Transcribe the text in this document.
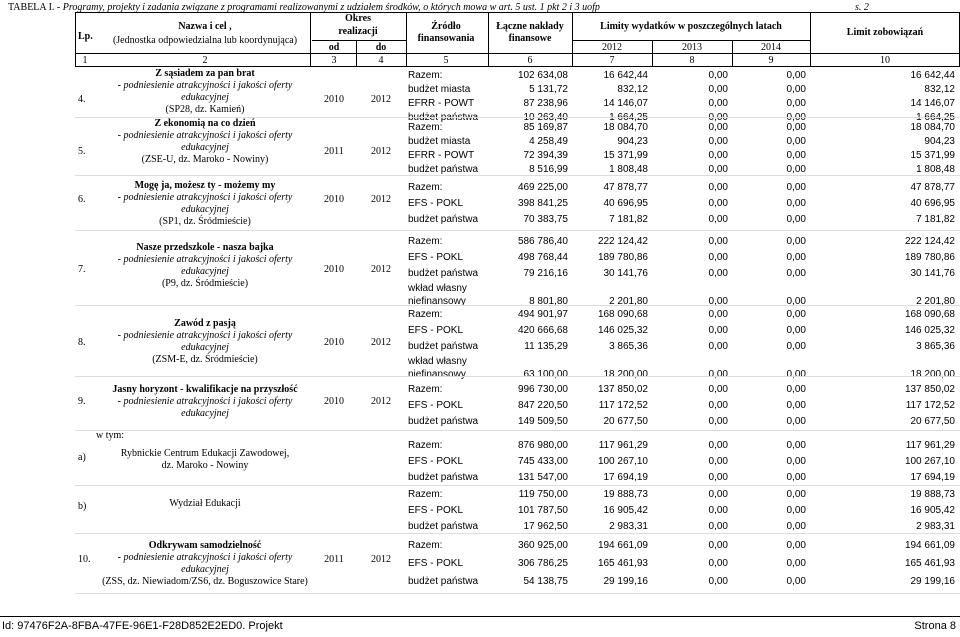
TABELA I. - Programy, projekty i zadania związane z programami realizowanymi z udziałem środków, o których mowa w art. 5 ust. 1 pkt 2 i 3 uofp	s. 2
Lp.
Nazwa i cel ,
(Jednostka odpowiedzialna lub koordynująca)
Okres
realizacji
od	do
Źródło
finansowania
Łączne nakłady
finansowe
Limity wydatków w poszczególnych latach
2012	2013	2014
Limit zobowiązań
1	2	3	4	5	6	7	8	9	10
4.
Z sąsiadem za pan brat
- podniesienie atrakcyjności i jakości oferty
edukacyjnej
(SP28, dz. Kamień)
2010	2012
Razem:	102 634,08	16 642,44	0,00	0,00	16 642,44
budżet miasta	5 131,72	832,12	0,00	0,00	832,12
EFRR - POWT	87 238,96	14 146,07	0,00	0,00	14 146,07
budżet państwa	10 263,40	1 664,25	0,00	0,00	1 664,25
5.
Z ekonomią na co dzień
- podniesienie atrakcyjności i jakości oferty
edukacyjnej
(ZSE-U, dz. Maroko - Nowiny)
2011	2012
Razem:	85 169,87	18 084,70	0,00	0,00	18 084,70
budżet miasta	4 258,49	904,23	0,00	0,00	904,23
EFRR - POWT	72 394,39	15 371,99	0,00	0,00	15 371,99
budżet państwa	8 516,99	1 808,48	0,00	0,00	1 808,48
6.
Mogę ja, możesz ty - możemy my
- podniesienie atrakcyjności i jakości oferty
edukacyjnej
(SP1, dz. Śródmieście)
2010	2012
Razem:	469 225,00	47 878,77	0,00	0,00	47 878,77
EFS - POKL	398 841,25	40 696,95	0,00	0,00	40 696,95
budżet państwa	70 383,75	7 181,82	0,00	0,00	7 181,82
7.
Nasze przedszkole - nasza bajka
- podniesienie atrakcyjności i jakości oferty
edukacyjnej
(P9, dz. Śródmieście)
2010	2012
Razem:	586 786,40	222 124,42	0,00	0,00	222 124,42
EFS - POKL	498 768,44	189 780,86	0,00	0,00	189 780,86
budżet państwa	79 216,16	30 141,76	0,00	0,00	30 141,76
wkład własny
niefinansowy	8 801,80	2 201,80	0,00	0,00	2 201,80
8.
Zawód z pasją
- podniesienie atrakcyjności i jakości oferty
edukacyjnej
(ZSM-E, dz. Śródmieście)
2010	2012
Razem:	494 901,97	168 090,68	0,00	0,00	168 090,68
EFS - POKL	420 666,68	146 025,32	0,00	0,00	146 025,32
budżet państwa	11 135,29	3 865,36	0,00	0,00	3 865,36
wkład własny
niefinansowy	63 100,00	18 200,00	0,00	0,00	18 200,00
9.
Jasny horyzont - kwalifikacje na przyszłość
- podniesienie atrakcyjności i jakości oferty
edukacyjnej
2010	2012
Razem:	996 730,00	137 850,02	0,00	0,00	137 850,02
EFS - POKL	847 220,50	117 172,52	0,00	0,00	117 172,52
budżet państwa	149 509,50	20 677,50	0,00	0,00	20 677,50
a)
w tym:
Rybnickie Centrum Edukacji Zawodowej,
dz. Maroko - Nowiny
Razem:	876 980,00	117 961,29	0,00	0,00	117 961,29
EFS - POKL	745 433,00	100 267,10	0,00	0,00	100 267,10
budżet państwa	131 547,00	17 694,19	0,00	0,00	17 694,19
b)	Wydział Edukacji
Razem:	119 750,00	19 888,73	0,00	0,00	19 888,73
EFS - POKL	101 787,50	16 905,42	0,00	0,00	16 905,42
budżet państwa	17 962,50	2 983,31	0,00	0,00	2 983,31
10.
Odkrywam samodzielność
- podniesienie atrakcyjności i jakości oferty
edukacyjnej
(ZSS, dz. Niewiadom/ZS6, dz. Boguszowice Stare)
2011	2012
Razem:	360 925,00	194 661,09	0,00	0,00	194 661,09
EFS - POKL	306 786,25	165 461,93	0,00	0,00	165 461,93
budżet państwa	54 138,75	29 199,16	0,00	0,00	29 199,16
Id: 97476F2A-8FBA-47FE-96E1-F28D852E2ED0. Projekt	Strona 8
